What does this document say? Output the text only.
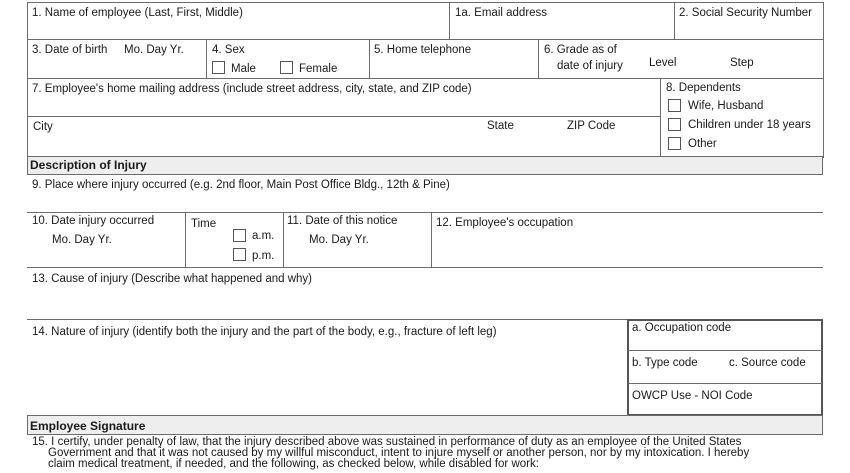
1. Name of employee (Last, First, Middle)	1a. Email address	2. Social Security Number
3. Date of birth Mo. Day Yr. 4. Sex
Male	Female
5. Home telephone	6. Grade as of
date of injury Level	Step
7. Employee's home mailing address (include street address, city, state, and ZIP code)
City	State	ZIP Code
8. Dependents
Wife, Husband
Children under 18 years
Other
Description of Injury
9. Place where injury occurred (e.g. 2nd floor, Main Post Office Bldg., 12th & Pine)
10. Date injury occurred
Mo. Day Yr.
Time
a.m.
p.m.
11. Date of this notice
Mo. Day Yr.
12. Employee's occupation
13. Cause of injury (Describe what happened and why)
14. Nature of injury (identify both the injury and the part of the body, e.g., fracture of left leg)	a. Occupation code
b. Type code	c. Source code
OWCP Use - NOI Code
Employee Signature
15. I certify, under penalty of law, that the injury described above was sustained in performance of duty as an employee of the United States
Government and that it was not caused by my willful misconduct, intent to injure myself or another person, nor by my intoxication. I hereby
claim medical treatment, if needed, and the following, as checked below, while disabled for work:
